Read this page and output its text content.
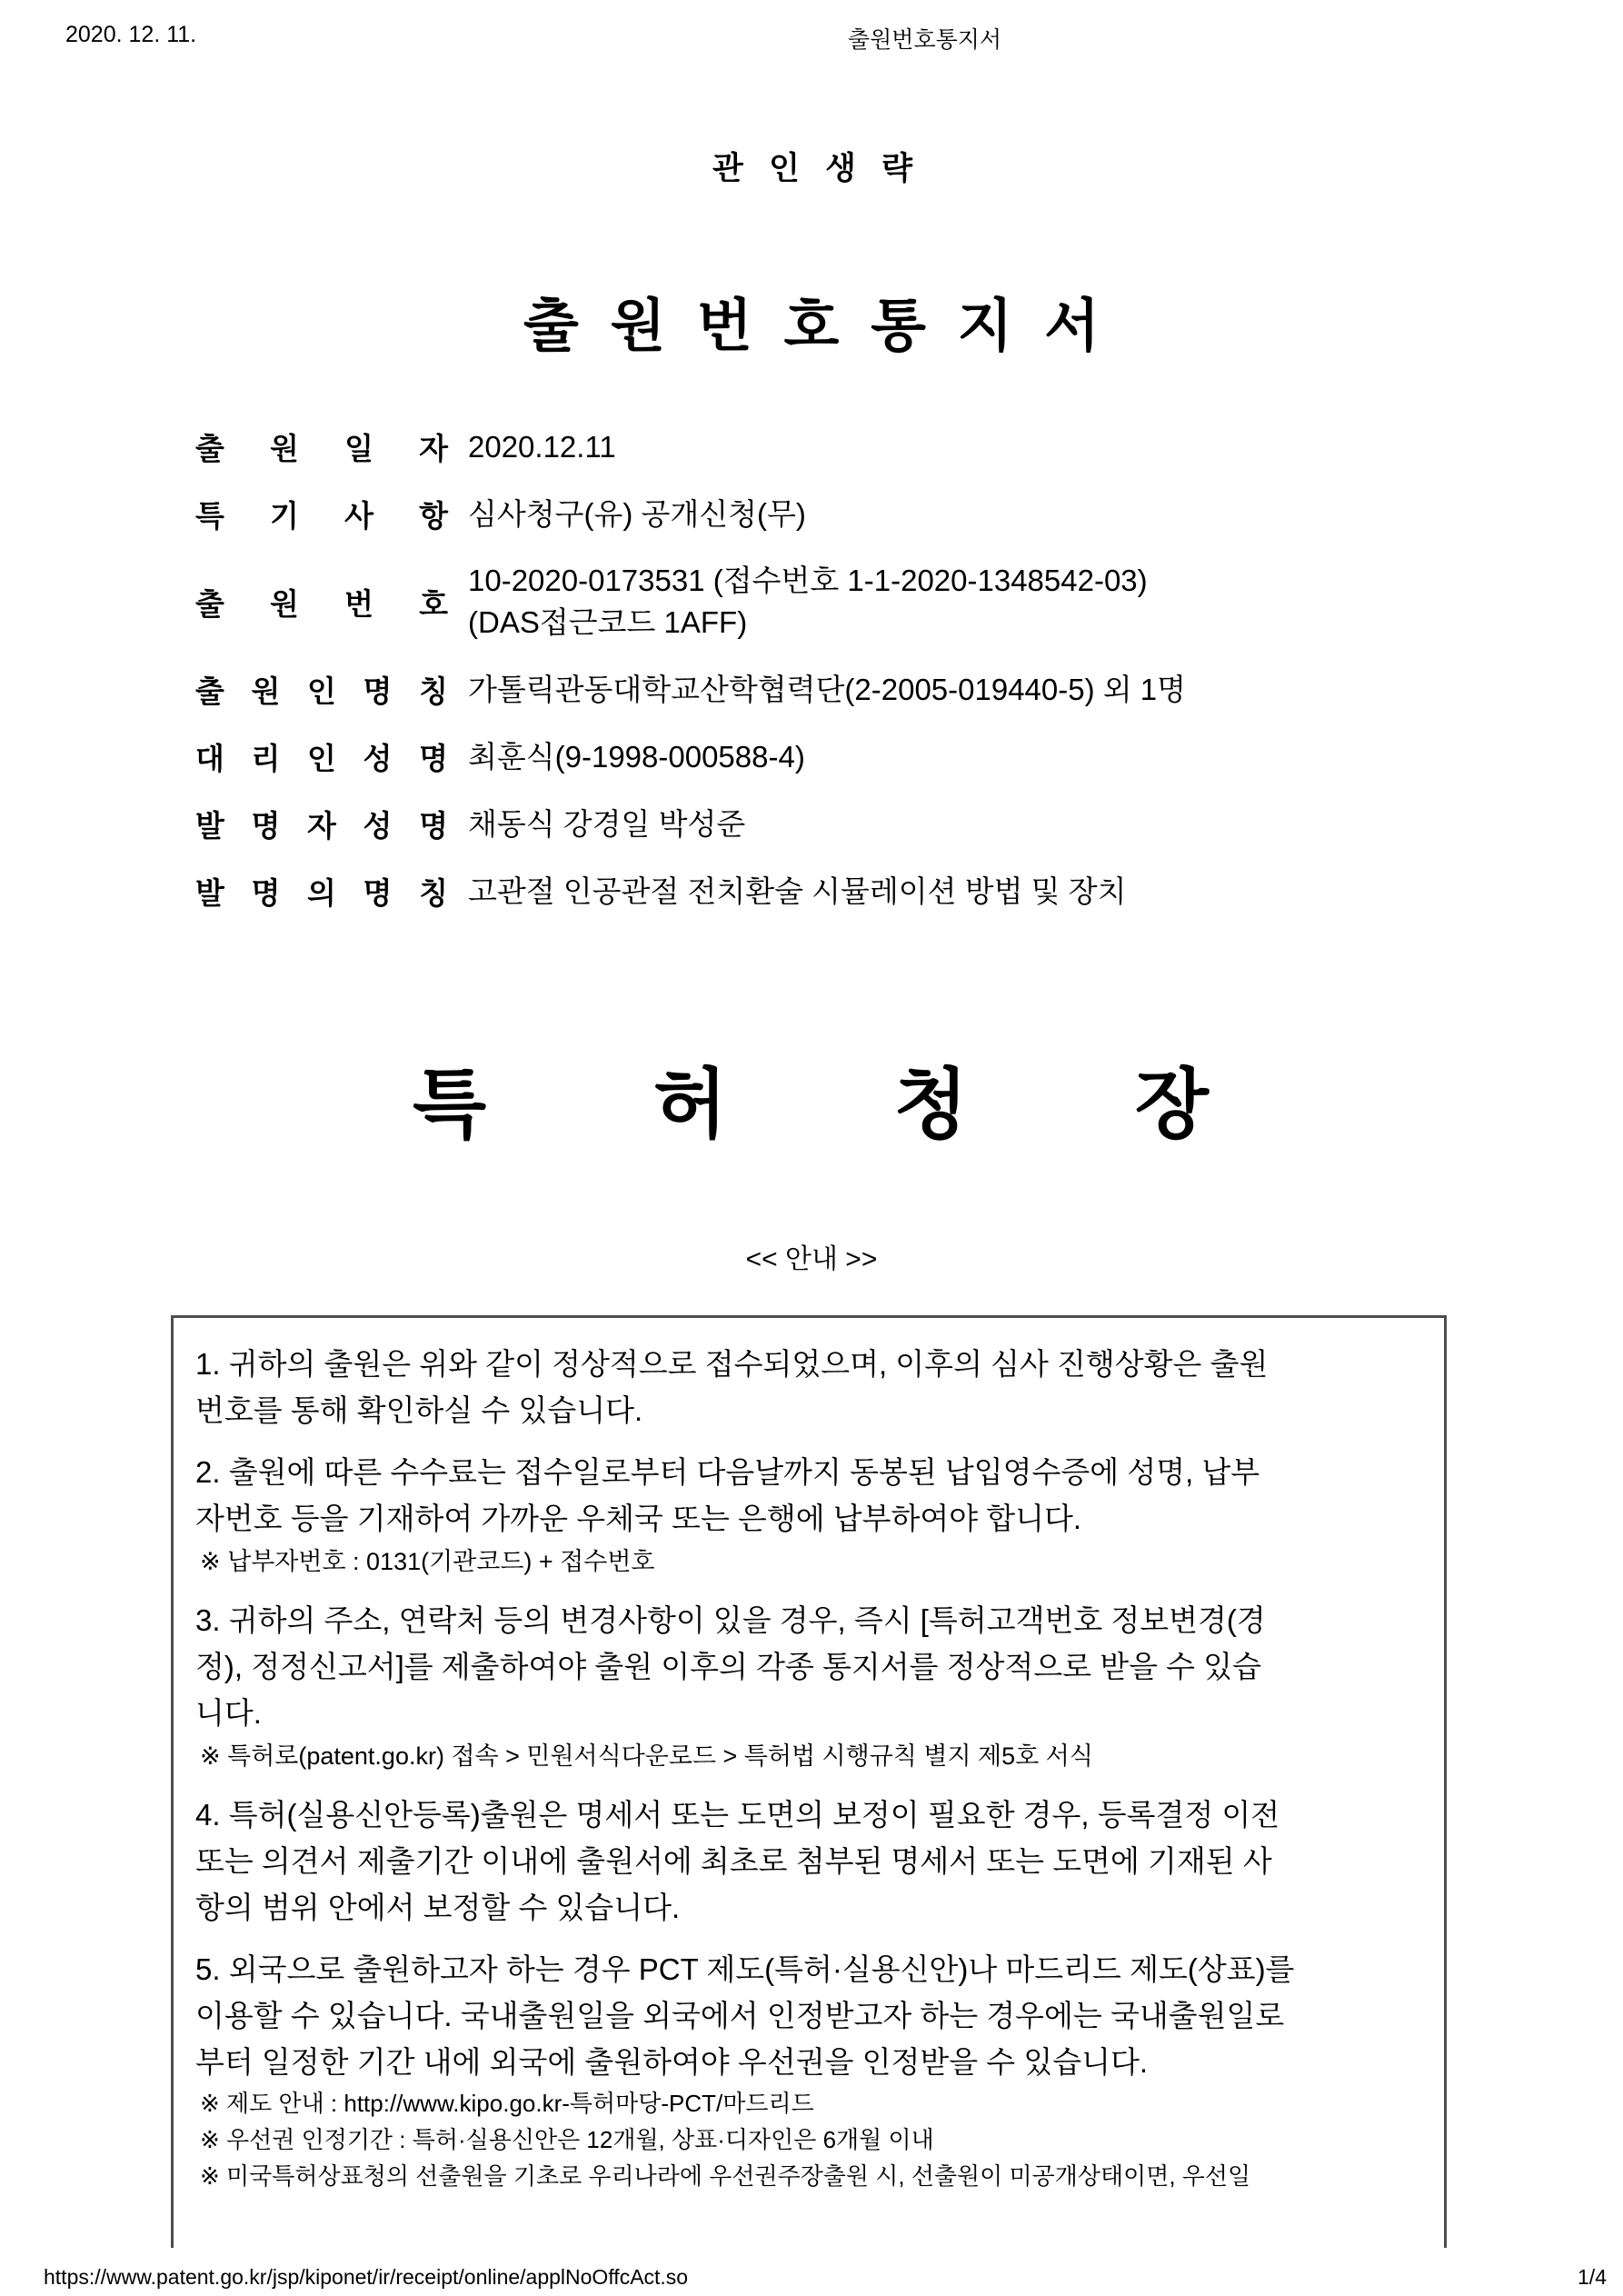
2020. 12. 11.	출원번호통지서
관 인 생 략
출 원 번 호 통 지 서
출 원 일 자 2020.12.11
특 기 사 항 심사청구(유) 공개신청(무)
출 원 번 호
10-2020-0173531 (접수번호 1-1-2020-1348542-03)
(DAS접근코드 1AFF)
출 원 인 명 칭 가톨릭관동대학교산학협력단(2-2005-019440-5) 외 1명
대 리 인 성 명 최훈식(9-1998-000588-4)
발 명 자 성 명 채동식 강경일 박성준
발 명 의 명 칭 고관절 인공관절 전치환술 시뮬레이션 방법 및 장치
특 허 청 장
<< 안내 >>
1. 귀하의 출원은 위와 같이 정상적으로 접수되었으며, 이후의 심사 진행상황은 출원
번호를 통해 확인하실 수 있습니다.
2. 출원에 따른 수수료는 접수일로부터 다음날까지 동봉된 납입영수증에 성명, 납부
자번호 등을 기재하여 가까운 우체국 또는 은행에 납부하여야 합니다.
※ 납부자번호 : 0131(기관코드) + 접수번호
3. 귀하의 주소, 연락처 등의 변경사항이 있을 경우, 즉시 [특허고객번호 정보변경(경
정), 정정신고서]를 제출하여야 출원 이후의 각종 통지서를 정상적으로 받을 수 있습
니다.
※ 특허로(patent.go.kr) 접속 > 민원서식다운로드 > 특허법 시행규칙 별지 제5호 서식
4. 특허(실용신안등록)출원은 명세서 또는 도면의 보정이 필요한 경우, 등록결정 이전
또는 의견서 제출기간 이내에 출원서에 최초로 첨부된 명세서 또는 도면에 기재된 사
항의 범위 안에서 보정할 수 있습니다.
5. 외국으로 출원하고자 하는 경우 PCT 제도(특허·실용신안)나 마드리드 제도(상표)를
이용할 수 있습니다. 국내출원일을 외국에서 인정받고자 하는 경우에는 국내출원일로
부터 일정한 기간 내에 외국에 출원하여야 우선권을 인정받을 수 있습니다.
※ 제도 안내 : http://www.kipo.go.kr-특허마당-PCT/마드리드
※ 우선권 인정기간 : 특허·실용신안은 12개월, 상표·디자인은 6개월 이내
※ 미국특허상표청의 선출원을 기초로 우리나라에 우선권주장출원 시, 선출원이 미공개상태이면, 우선일
https://www.patent.go.kr/jsp/kiponet/ir/receipt/online/applNoOffcAct.so	1/4
